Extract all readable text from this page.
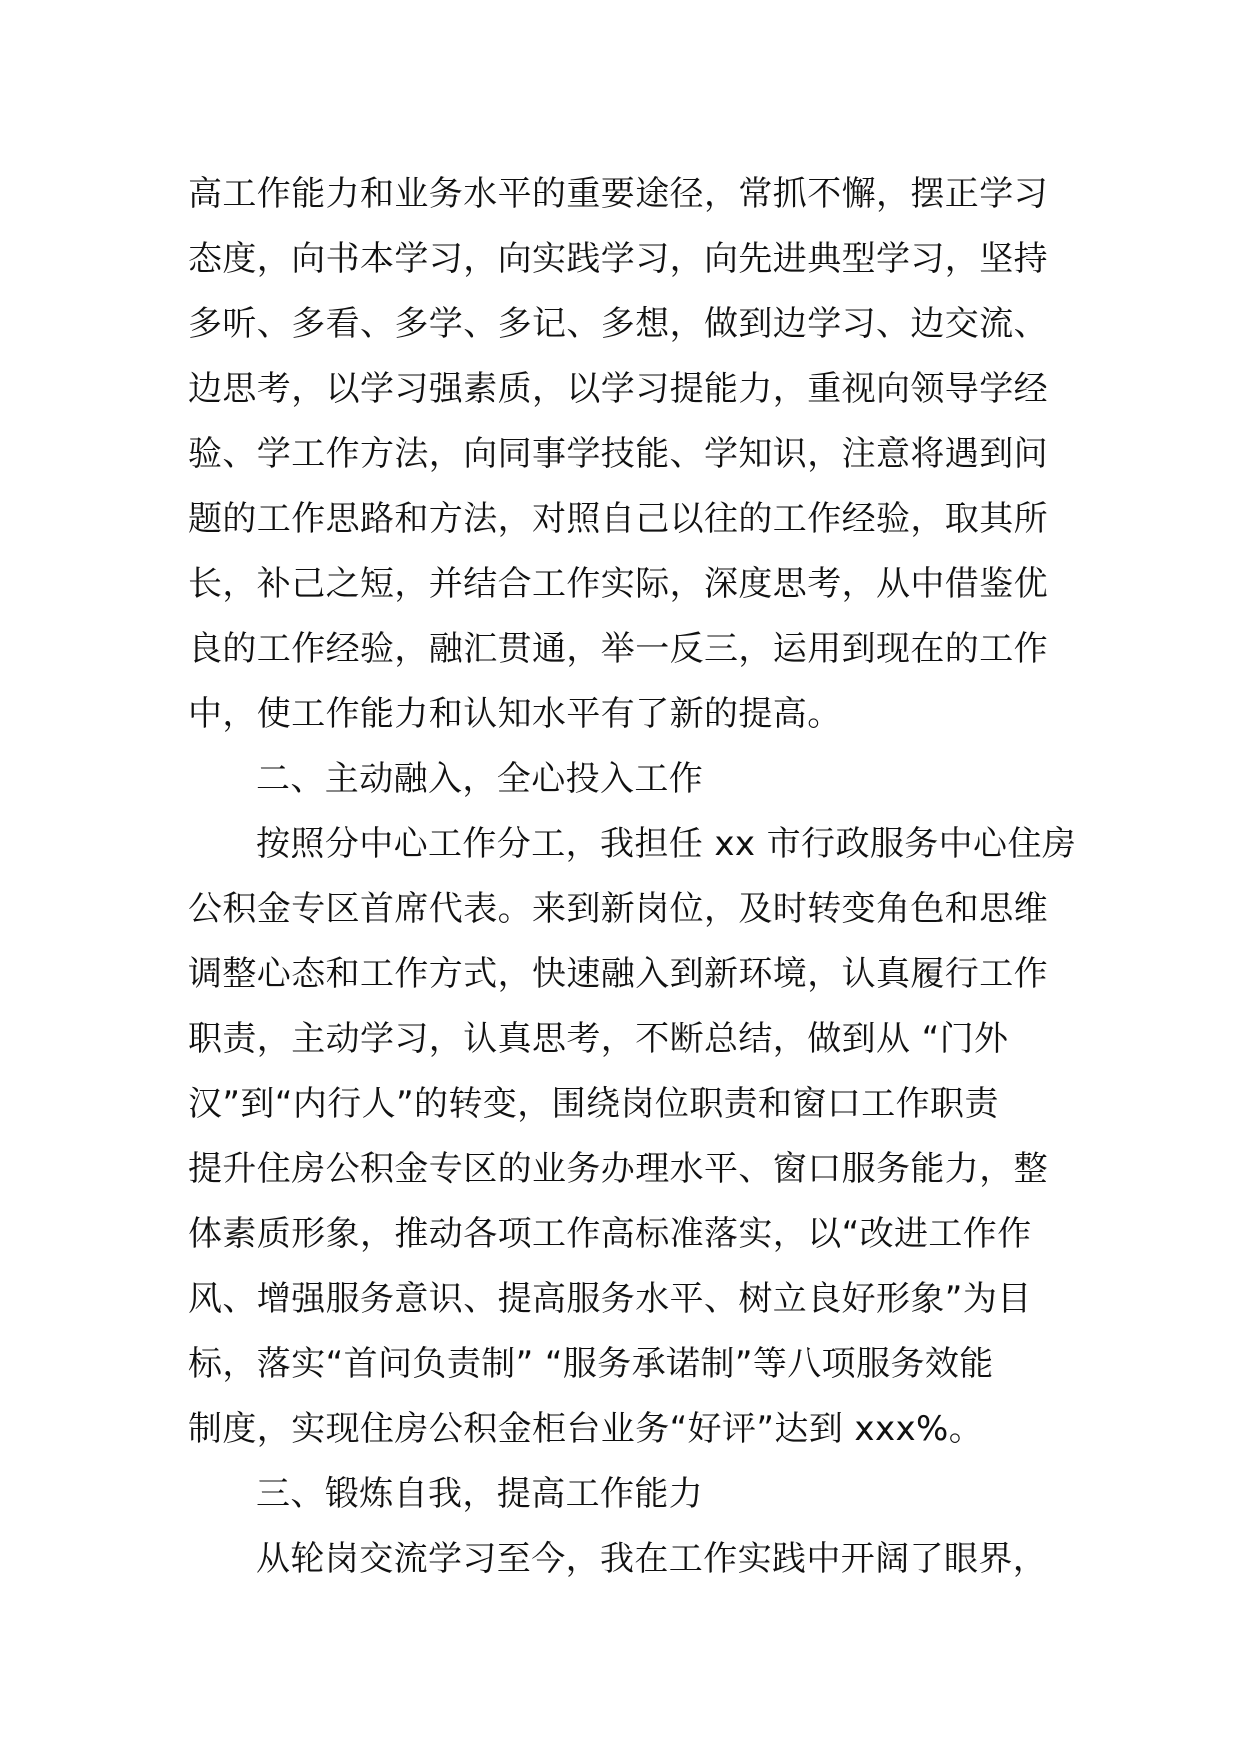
高工作能力和业务水平的重要途径，常抓不懈，摆正学习
态度，向书本学习，向实践学习，向先进典型学习，坚持
多听、多看、多学、多记、多想，做到边学习、边交流、
边思考，以学习强素质，以学习提能力，重视向领导学经
验、学工作方法，向同事学技能、学知识，注意将遇到问
题的工作思路和方法，对照自己以往的工作经验，取其所
长，补己之短，并结合工作实际，深度思考，从中借鉴优
良的工作经验，融汇贯通，举一反三，运用到现在的工作
中，使工作能力和认知水平有了新的提高。
二、主动融入，全心投入工作
按照分中心工作分工，我担任 xx 市行政服务中心住房
公积金专区首席代表。来到新岗位，及时转变角色和思维
调整心态和工作方式，快速融入到新环境，认真履行工作
职责，主动学习，认真思考，不断总结，做到从 “门外
汉”到“内行人”的转变，围绕岗位职责和窗口工作职责
提升住房公积金专区的业务办理水平、窗口服务能力，整
体素质形象，推动各项工作高标准落实，以“改进工作作
风、增强服务意识、提高服务水平、树立良好形象”为目
标，落实“首问负责制” “服务承诺制”等八项服务效能
制度，实现住房公积金柜台业务“好评”达到 xxx%。
三、锻炼自我，提高工作能力
从轮岗交流学习至今，我在工作实践中开阔了眼界，
